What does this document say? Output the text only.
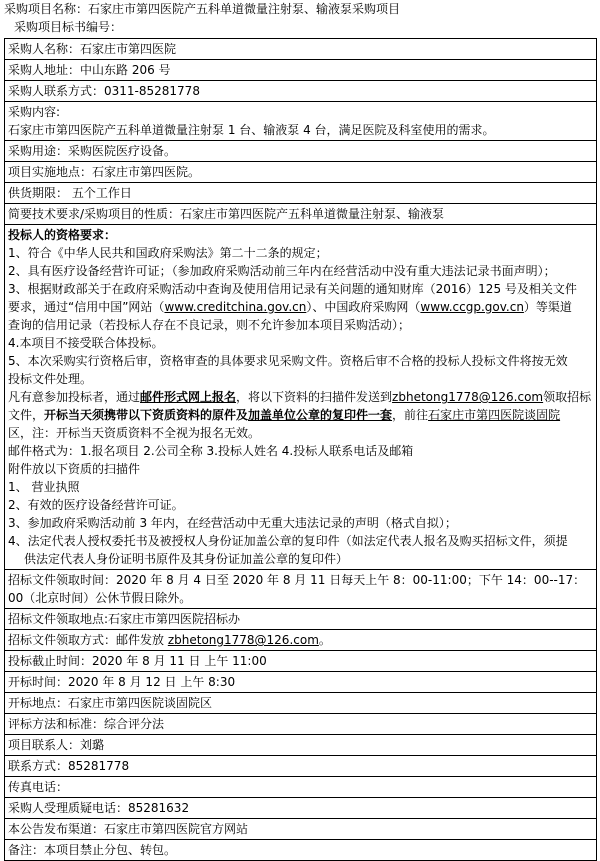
采购项目名称：石家庄市第四医院产五科单道微量注射泵、输液泵采购项目
采购项目标书编号：
采购人名称：石家庄市第四医院
采购人地址：中山东路 206 号
采购人联系方式：0311-85281778
采购内容:
石家庄市第四医院产五科单道微量注射泵 1 台、输液泵 4 台，满足医院及科室使用的需求。
采购用途：采购医院医疗设备。
项目实施地点：石家庄市第四医院。
供货期限： 五个工作日
简要技术要求/采购项目的性质：石家庄市第四医院产五科单道微量注射泵、输液泵
投标人的资格要求：
1、符合《中华人民共和国政府采购法》第二十二条的规定；
2、具有医疗设备经营许可证；（参加政府采购活动前三年内在经营活动中没有重大违法记录书面声明）；
3、根据财政部关于在政府采购活动中查询及使用信用记录有关问题的通知财库（2016）125 号及相关文件
要求，通过“信用中国”网站（www.creditchina.gov.cn）、中国政府采购网（www.ccgp.gov.cn）等渠道
查询的信用记录（若投标人存在不良记录，则不允许参加本项目采购活动）；
4.本项目不接受联合体投标。
5、本次采购实行资格后审，资格审查的具体要求见采购文件。资格后审不合格的投标人投标文件将按无效
投标文件处理。
凡有意参加投标者，通过邮件形式网上报名，将以下资料的扫描件发送到zbhetong1778@126.com领取招标
文件，开标当天须携带以下资质资料的原件及加盖单位公章的复印件一套，前往石家庄市第四医院谈固院
区，注：开标当天资质资料不全视为报名无效。
邮件格式为：1.报名项目 2.公司全称 3.投标人姓名 4.投标人联系电话及邮箱
附件放以下资质的扫描件
1、 营业执照
2、有效的医疗设备经营许可证。
3、参加政府采购活动前 3 年内，在经营活动中无重大违法记录的声明（格式自拟）；
4、法定代表人授权委托书及被授权人身份证加盖公章的复印件（如法定代表人报名及购买招标文件，须提
供法定代表人身份证明书原件及其身份证加盖公章的复印件）
招标文件领取时间：2020 年 8 月 4 日至 2020 年 8 月 11 日每天上午 8：00-11:00；下午 14：00--17：
00（北京时间）公休节假日除外。
招标文件领取地点:石家庄市第四医院招标办
招标文件领取方式：邮件发放 zbhetong1778@126.com。
投标截止时间：2020 年 8 月 11 日 上午 11:00
开标时间：2020 年 8 月 12 日 上午 8:30
开标地点：石家庄市第四医院谈固院区
评标方法和标准：综合评分法
项目联系人：刘璐
联系方式：85281778
传真电话：
采购人受理质疑电话：85281632
本公告发布渠道：石家庄市第四医院官方网站
备注：本项目禁止分包、转包。
